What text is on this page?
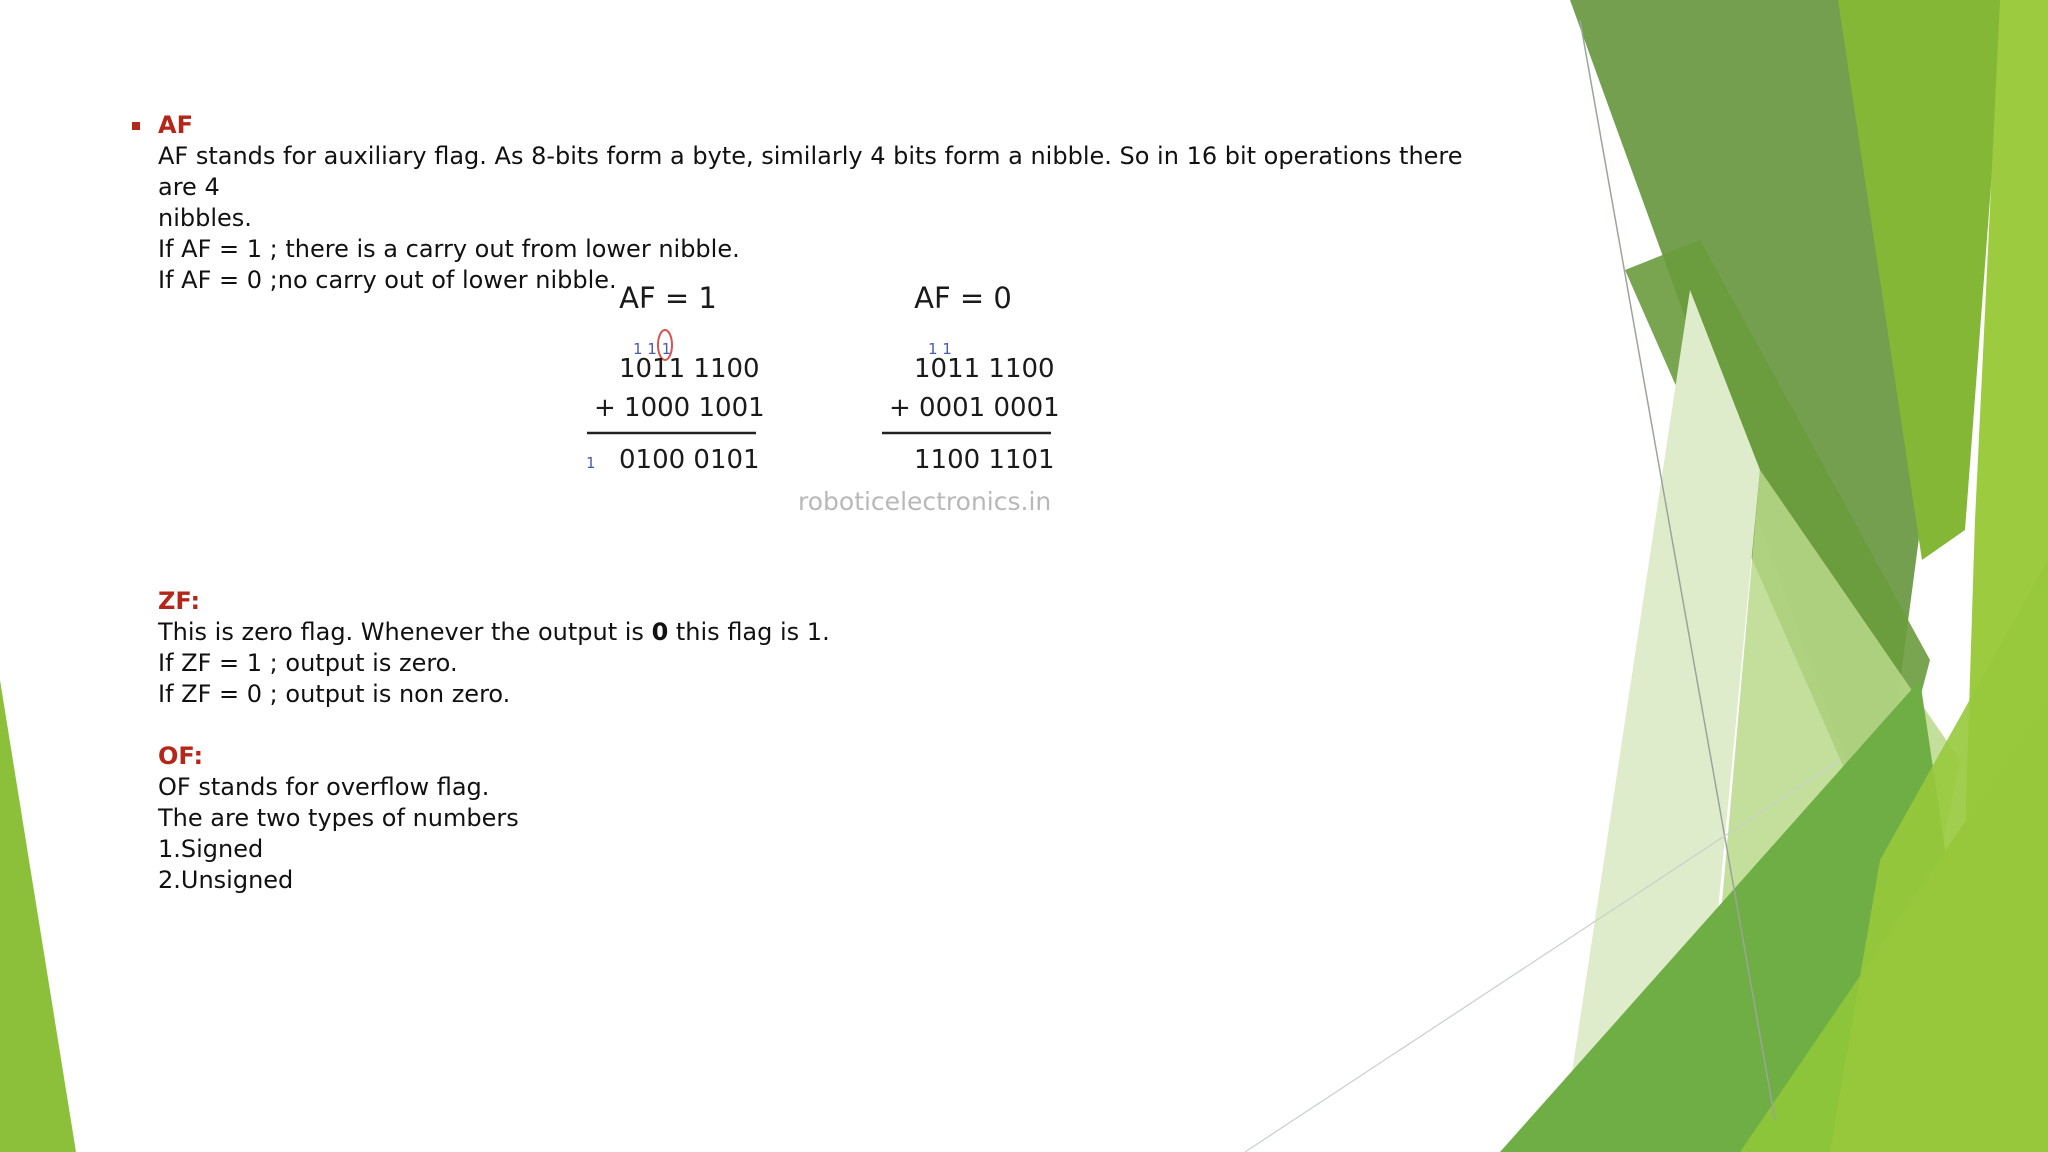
AF
AF stands for auxiliary flag. As 8-bits form a byte, similarly 4 bits form a nibble. So in 16 bit operations there are 4
nibbles.
If AF = 1 ; there is a carry out from lower nibble.
If AF = 0 ;no carry out of lower nibble.
ZF:
This is zero flag. Whenever the output is 0 this flag is 1.
If ZF = 1 ; output is zero.
If ZF = 0 ; output is non zero.
OF:
OF stands for overflow flag.
The are two types of numbers
1.Signed
2.Unsigned
AF = 1
1 1 1
1011 1100
+ 1000 1001
1 0100 0101
AF = 0
1 1
1011 1100
+ 0001 0001
1100 1101
roboticelectronics.in
